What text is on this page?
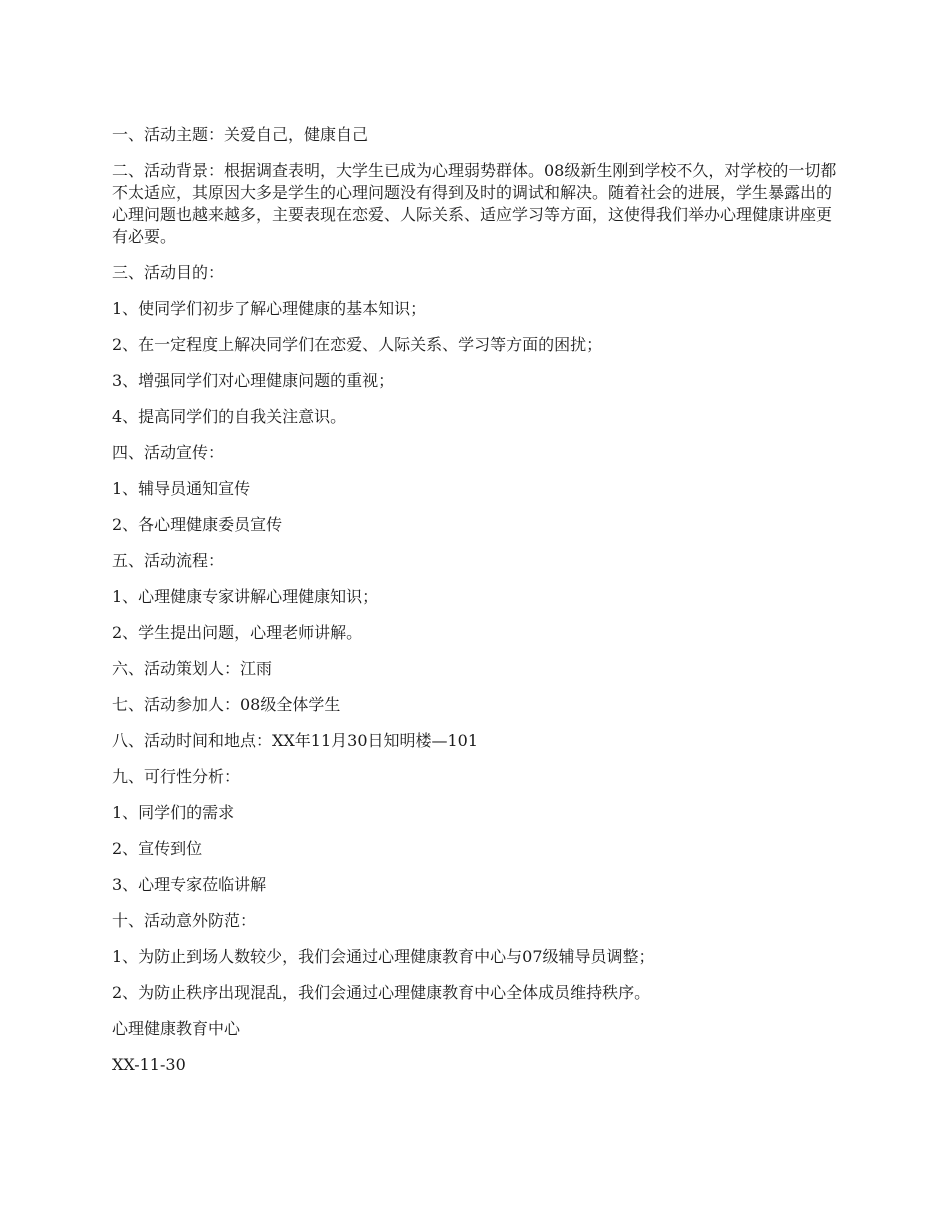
一、活动主题：关爱自己，健康自己

二、活动背景：根据调查表明，大学生已成为心理弱势群体。08级新生刚到学校不久，对学校的一切都不太适应，其原因大多是学生的心理问题没有得到及时的调试和解决。随着社会的进展，学生暴露出的心理问题也越来越多，主要表现在恋爱、人际关系、适应学习等方面，这使得我们举办心理健康讲座更有必要。

三、活动目的：

1、使同学们初步了解心理健康的基本知识；

2、在一定程度上解决同学们在恋爱、人际关系、学习等方面的困扰；

3、增强同学们对心理健康问题的重视；

4、提高同学们的自我关注意识。

四、活动宣传：

1、辅导员通知宣传

2、各心理健康委员宣传

五、活动流程：

1、心理健康专家讲解心理健康知识；

2、学生提出问题，心理老师讲解。

六、活动策划人：江雨

七、活动参加人：08级全体学生

八、活动时间和地点：XX年11月30日知明楼—101

九、可行性分析：

1、同学们的需求

2、宣传到位

3、心理专家莅临讲解

十、活动意外防范：

1、为防止到场人数较少，我们会通过心理健康教育中心与07级辅导员调整；

2、为防止秩序出现混乱，我们会通过心理健康教育中心全体成员维持秩序。

心理健康教育中心

XX-11-30
